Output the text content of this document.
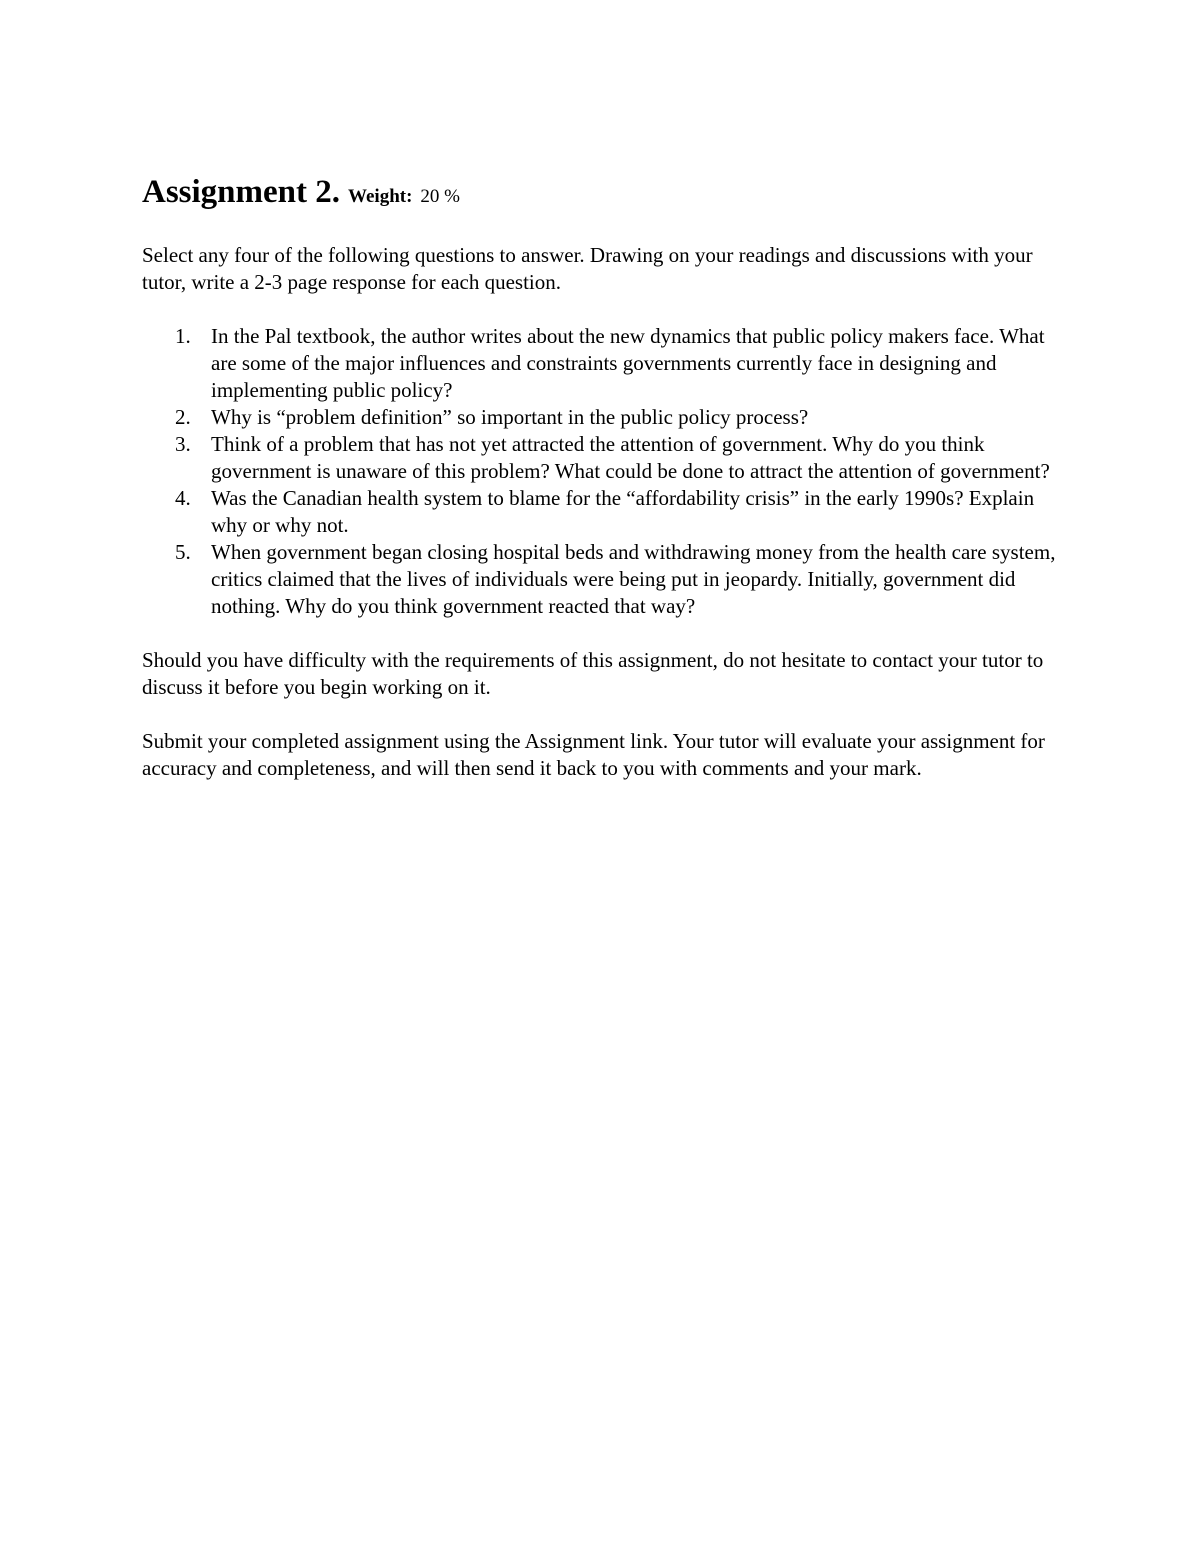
Assignment 2. Weight: 20 %

Select any four of the following questions to answer. Drawing on your readings and discussions with your tutor, write a 2-3 page response for each question.

1. In the Pal textbook, the author writes about the new dynamics that public policy makers face. What are some of the major influences and constraints governments currently face in designing and implementing public policy?
2. Why is “problem definition” so important in the public policy process?
3. Think of a problem that has not yet attracted the attention of government. Why do you think government is unaware of this problem? What could be done to attract the attention of government?
4. Was the Canadian health system to blame for the “affordability crisis” in the early 1990s? Explain why or why not.
5. When government began closing hospital beds and withdrawing money from the health care system, critics claimed that the lives of individuals were being put in jeopardy. Initially, government did nothing. Why do you think government reacted that way?

Should you have difficulty with the requirements of this assignment, do not hesitate to contact your tutor to discuss it before you begin working on it.

Submit your completed assignment using the Assignment link. Your tutor will evaluate your assignment for accuracy and completeness, and will then send it back to you with comments and your mark.
